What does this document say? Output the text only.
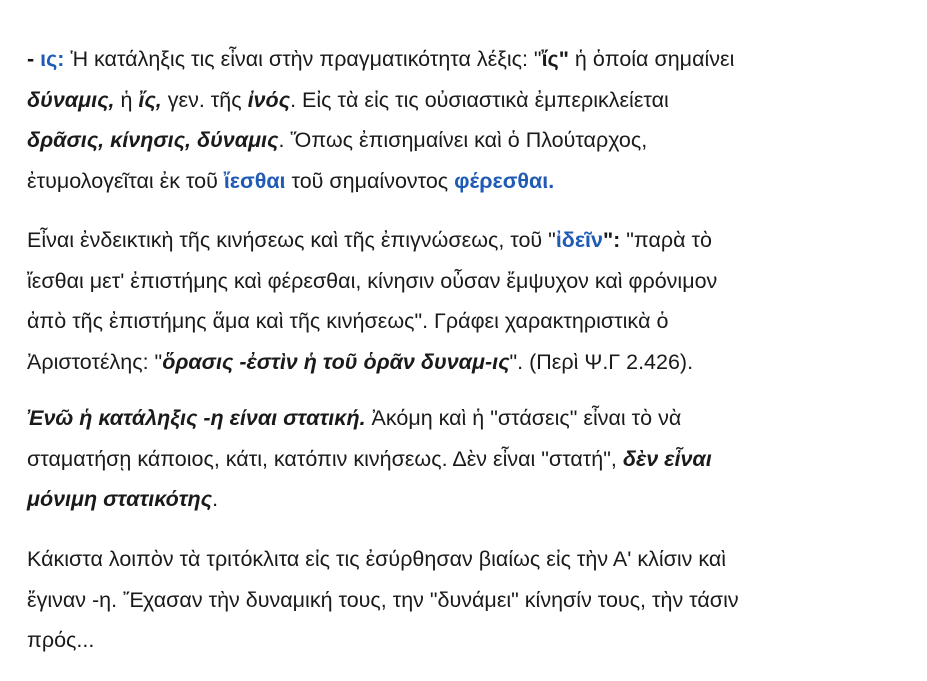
- ις: Ἡ κατάληξις τις εἶναι στὴν πραγματικότητα λέξις: "ἴς" ἡ ὁποία σημαίνει
δύναμις, ἡ ἴς, γεν. τῆς ἰνός. Εἰς τὰ εἰς τις οὐσιαστικὰ ἐμπερικλείεται
δρᾶσις, κίνησις, δύναμις. Ὅπως ἐπισημαίνει καὶ ὁ Πλούταρχος,
ἐτυμολογεῖται ἐκ τοῦ ἴεσθαι τοῦ σημαίνοντος φέρεσθαι.

Εἶναι ἐνδεικτικὴ τῆς κινήσεως καὶ τῆς ἐπιγνώσεως, τοῦ "ἰδεῖν": "παρὰ τὸ
ἴεσθαι μετ' ἐπιστήμης καὶ φέρεσθαι, κίνησιν οὖσαν ἔμψυχον καὶ φρόνιμον
ἀπὸ τῆς ἐπιστήμης ἅμα καὶ τῆς κινήσεως". Γράφει χαρακτηριστικὰ ὁ
Ἀριστοτέλης: "ὅρασις -ἐστὶν ἡ τοῦ ὁρᾶν δυναμ-ις". (Περὶ Ψ.Γ 2.426).

Ἐνῶ ἡ κατάληξις -η είναι στατική. Ἀκόμη καὶ ἡ "στάσεις" εἶναι τὸ νὰ
σταματήσῃ κάποιος, κάτι, κατόπιν κινήσεως. Δὲν εἶναι "στατή", δὲν εἶναι
μόνιμη στατικότης.

Κάκιστα λοιπὸν τὰ τριτόκλιτα εἰς τις ἐσύρθησαν βιαίως εἰς τὴν Α' κλίσιν καὶ
ἔγιναν -η. Ἔχασαν τὴν δυναμική τους, την "δυνάμει" κίνησίν τους, τὴν τάσιν
πρός...
